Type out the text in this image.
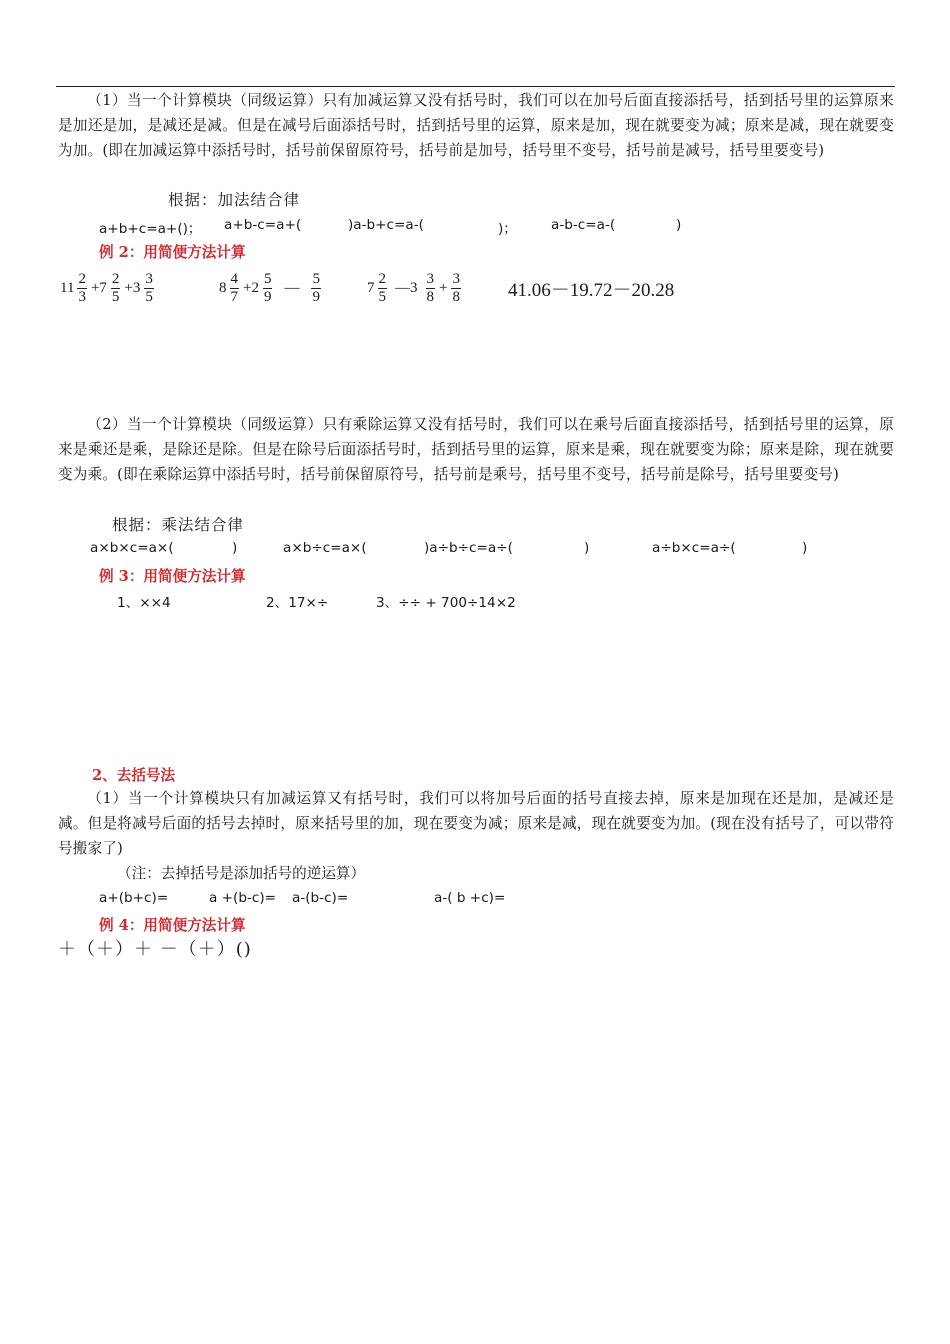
（1）当一个计算模块（同级运算）只有加减运算又没有括号时，我们可以在加号后面直接添括号，括到括号里的运算原来是加还是加，是减还是减。但是在减号后面添括号时，括到括号里的运算，原来是加，现在就要变为减；原来是减，现在就要变为加。(即在加减运算中添括号时，括号前保留原符号，括号前是加号，括号里不变号，括号前是减号，括号里要变号)
根据：加法结合律
a+b+c=a+()； a+b-c=a+(	)a-b+c=a-(	)；	a-b-c=a-(	)
例 2：用简便方法计算
$11 \frac{2}{3} +7 \frac{2}{5} +3 \frac{3}{5}$	$8 \frac{4}{7} +2 \frac{5}{9}$ — $\frac{5}{9}$	$7 \frac{2}{5}$ —3 $\frac{3}{8} + \frac{3}{8} 41.06-19.72-20.28$
（2）当一个计算模块（同级运算）只有乘除运算又没有括号时，我们可以在乘号后面直接添括号，括到括号里的运算，原来是乘还是乘，是除还是除。但是在除号后面添括号时，括到括号里的运算，原来是乘，现在就要变为除；原来是除，现在就要变为乘。(即在乘除运算中添括号时，括号前保留原符号，括号前是乘号，括号里不变号，括号前是除号，括号里要变号)
根据：乘法结合律
a×b×c=a×(	)	a×b÷c=a×(	)a÷b÷c=a÷(	)	a÷b×c=a÷(	)
例 3：用简便方法计算
1、××4	2、17×÷	3、÷÷ + 700÷14×2
2、去括号法
（1）当一个计算模块只有加减运算又有括号时，我们可以将加号后面的括号直接去掉，原来是加现在还是加，是减还是减。但是将减号后面的括号去掉时，原来括号里的加，现在要变为减；原来是减，现在就要变为加。(现在没有括号了，可以带符号搬家了)
（注：去掉括号是添加括号的逆运算）
a+(b+c)=	a +(b-c)= a-(b-c)=	a-( b +c)=
例 4：用简便方法计算
＋（＋）＋ －（＋）()
